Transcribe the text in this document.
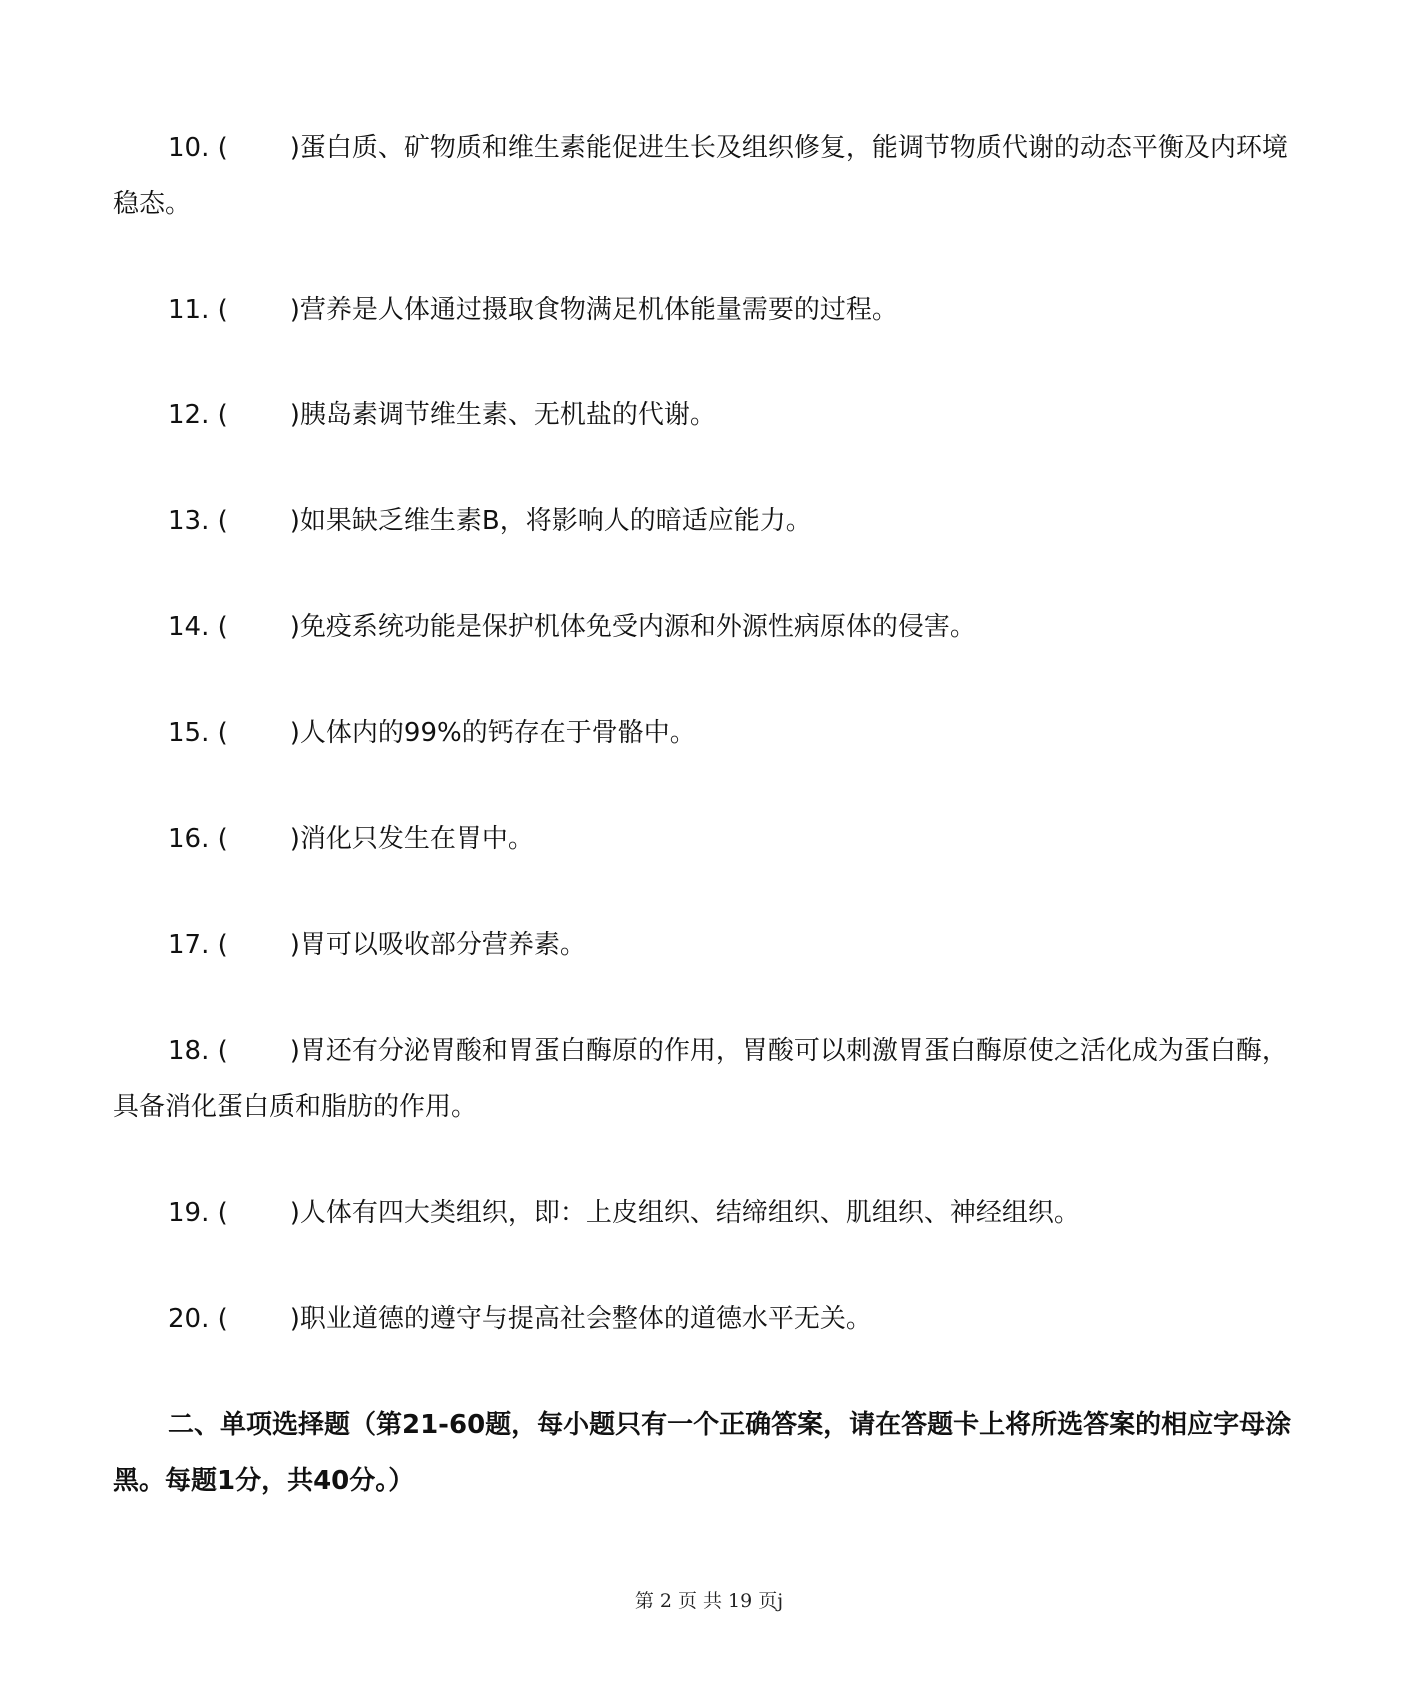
10. ( )蛋白质、矿物质和维生素能促进生长及组织修复，能调节物质代谢的动态平衡及内环境稳态。
11. ( )营养是人体通过摄取食物满足机体能量需要的过程。
12. ( )胰岛素调节维生素、无机盐的代谢。
13. ( )如果缺乏维生素B，将影响人的暗适应能力。
14. ( )免疫系统功能是保护机体免受内源和外源性病原体的侵害。
15. ( )人体内的99%的钙存在于骨骼中。
16. ( )消化只发生在胃中。
17. ( )胃可以吸收部分营养素。
18. ( )胃还有分泌胃酸和胃蛋白酶原的作用，胃酸可以刺激胃蛋白酶原使之活化成为蛋白酶，具备消化蛋白质和脂肪的作用。
19. ( )人体有四大类组织，即：上皮组织、结缔组织、肌组织、神经组织。
20. ( )职业道德的遵守与提高社会整体的道德水平无关。
二、单项选择题（第21-60题，每小题只有一个正确答案，请在答题卡上将所选答案的相应字母涂黑。每题1分，共40分。）
第 2 页 共 19 页j
